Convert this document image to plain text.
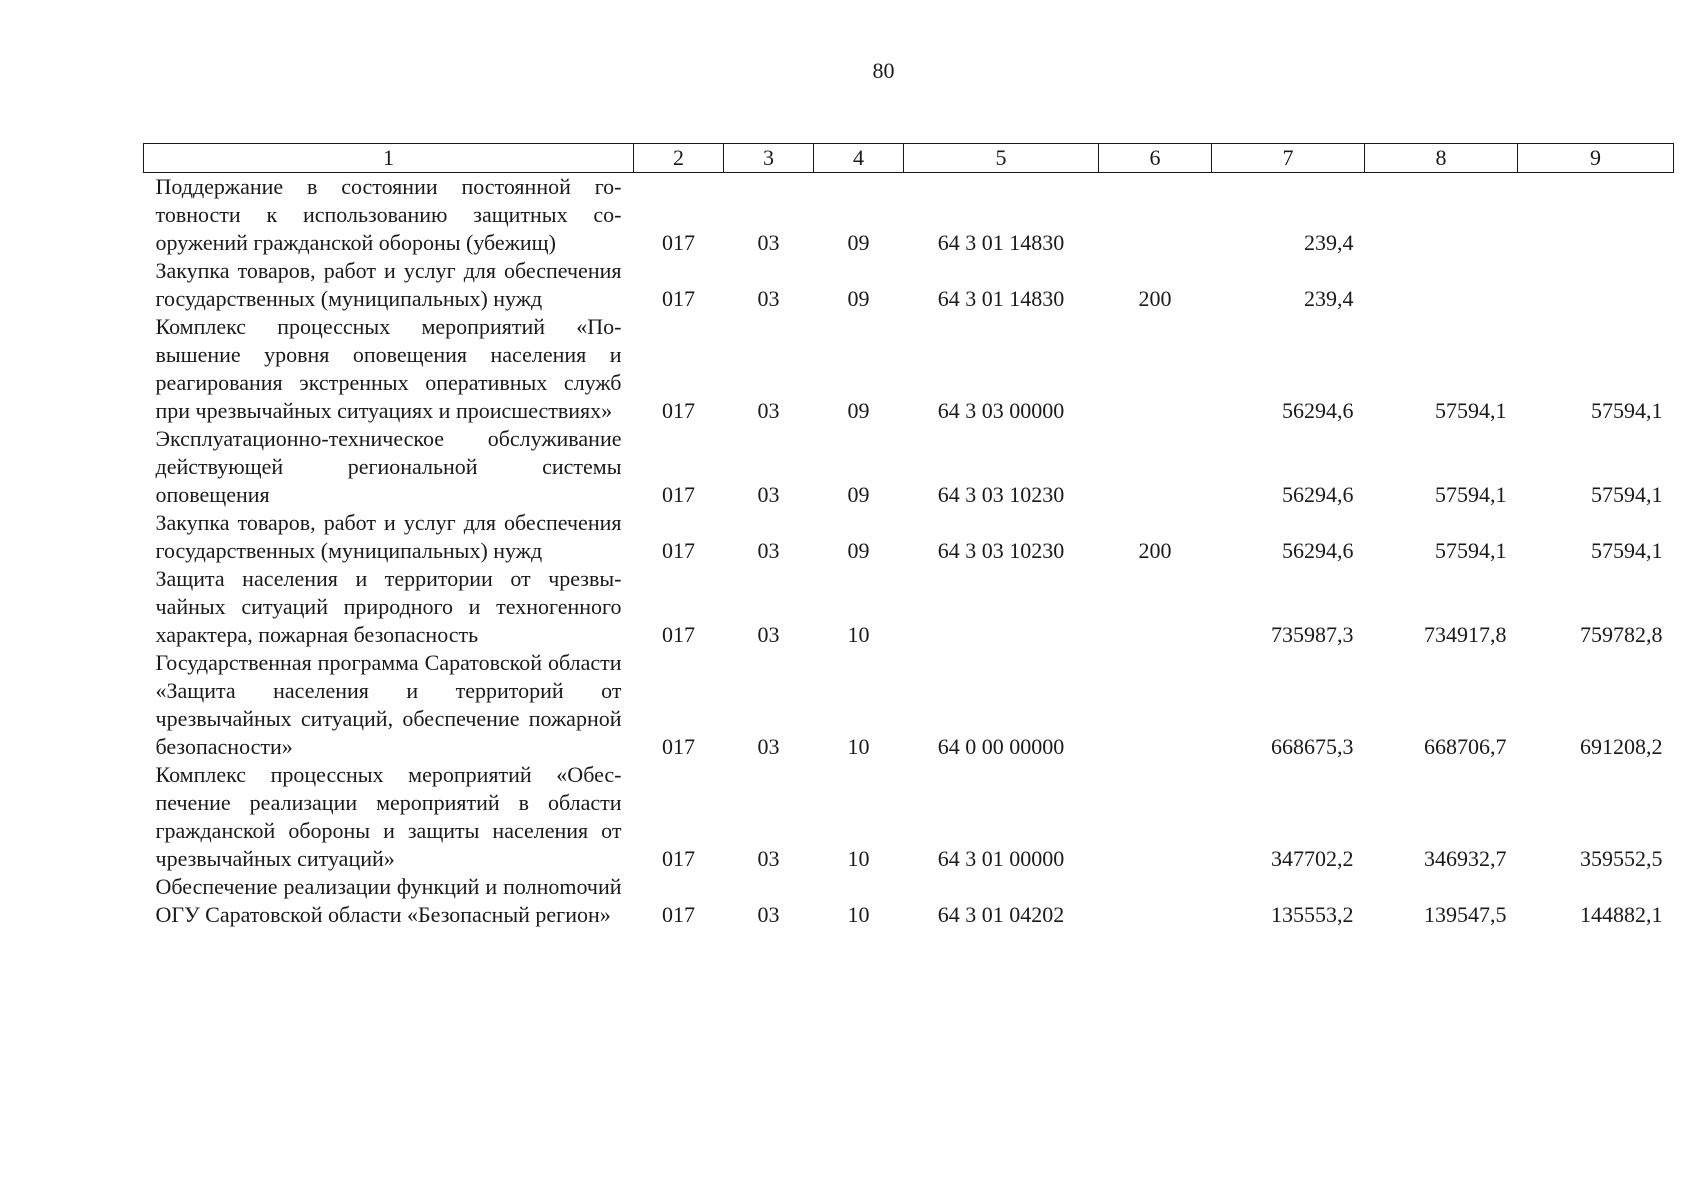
80
1	2	3	4	5	6	7	8	9
Поддержание в состоянии постоянной готовности к использованию защитных сооружений гражданской обороны (убежищ)	017	03	09	64 3 01 14830		239,4		
Закупка товаров, работ и услуг для обеспечения государственных (муниципальных) нужд	017	03	09	64 3 01 14830	200	239,4		
Комплекс процессных мероприятий «Повышение уровня оповещения населения и реагирования экстренных оперативных служб при чрезвычайных ситуациях и происшествиях»	017	03	09	64 3 03 00000		56294,6	57594,1	57594,1
Эксплуатационно-техническое обслуживание действующей региональной системы оповещения	017	03	09	64 3 03 10230		56294,6	57594,1	57594,1
Закупка товаров, работ и услуг для обеспечения государственных (муниципальных) нужд	017	03	09	64 3 03 10230	200	56294,6	57594,1	57594,1
Защита населения и территории от чрезвычайных ситуаций природного и техногенного характера, пожарная безопасность	017	03	10			735987,3	734917,8	759782,8
Государственная программа Саратовской области «Защита населения и территорий от чрезвычайных ситуаций, обеспечение пожарной безопасности»	017	03	10	64 0 00 00000		668675,3	668706,7	691208,2
Комплекс процессных мероприятий «Обеспечение реализации мероприятий в области гражданской обороны и защиты населения от чрезвычайных ситуаций»	017	03	10	64 3 01 00000		347702,2	346932,7	359552,5
Обеспечение реализации функций и полноmочий ОГУ Саратовской области «Безопасный регион»	017	03	10	64 3 01 04202		135553,2	139547,5	144882,1
